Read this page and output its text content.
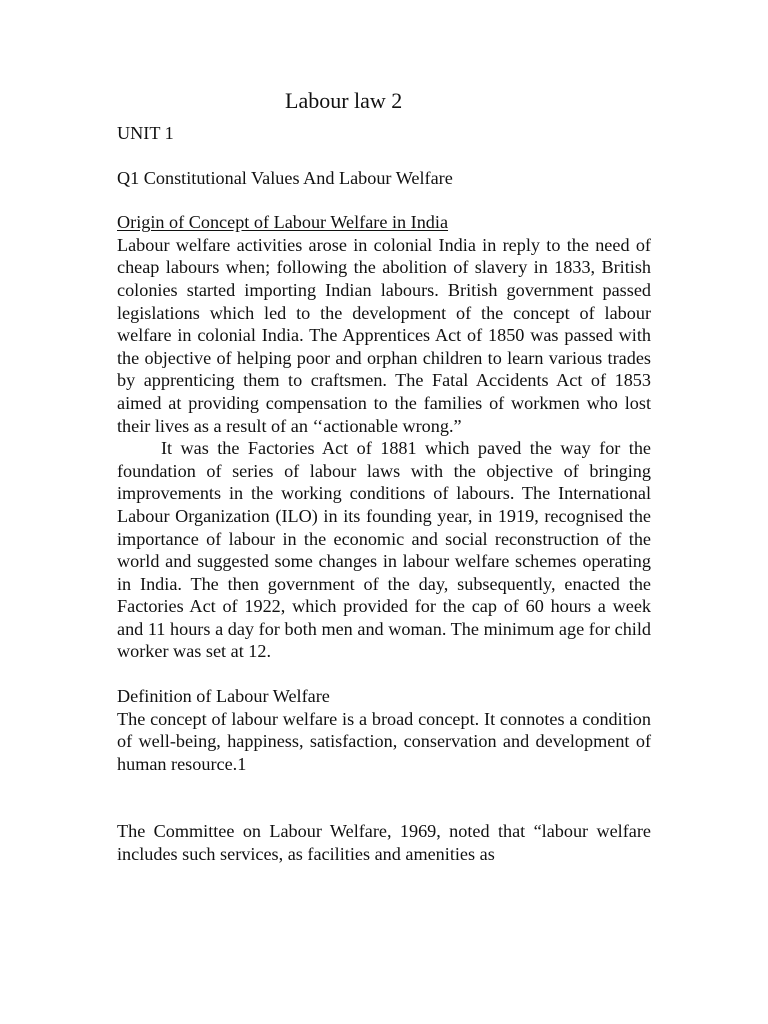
Labour law 2

UNIT 1

Q1 Constitutional Values And Labour Welfare

Origin of Concept of Labour Welfare in India

Labour welfare activities arose in colonial India in reply to the need of cheap labours when; following the abolition of slavery in 1833, British colonies started importing Indian labours. British government passed legislations which led to the development of the concept of labour welfare in colonial India. The Apprentices Act of 1850 was passed with the objective of helping poor and orphan children to learn various trades by apprenticing them to craftsmen. The Fatal Accidents Act of 1853 aimed at providing compensation to the families of workmen who lost their lives as a result of an ‘‘actionable wrong.”

It was the Factories Act of 1881 which paved the way for the foundation of series of labour laws with the objective of bringing improvements in the working conditions of labours. The International Labour Organization (ILO) in its founding year, in 1919, recognised the importance of labour in the economic and social reconstruction of the world and suggested some changes in labour welfare schemes operating in India. The then government of the day, subsequently, enacted the Factories Act of 1922, which provided for the cap of 60 hours a week and 11 hours a day for both men and woman. The minimum age for child worker was set at 12.

Definition of Labour Welfare

The concept of labour welfare is a broad concept. It connotes a condition of well-being, happiness, satisfaction, conservation and development of human resource.1

The Committee on Labour Welfare, 1969, noted that “labour welfare includes such services, as facilities and amenities as
